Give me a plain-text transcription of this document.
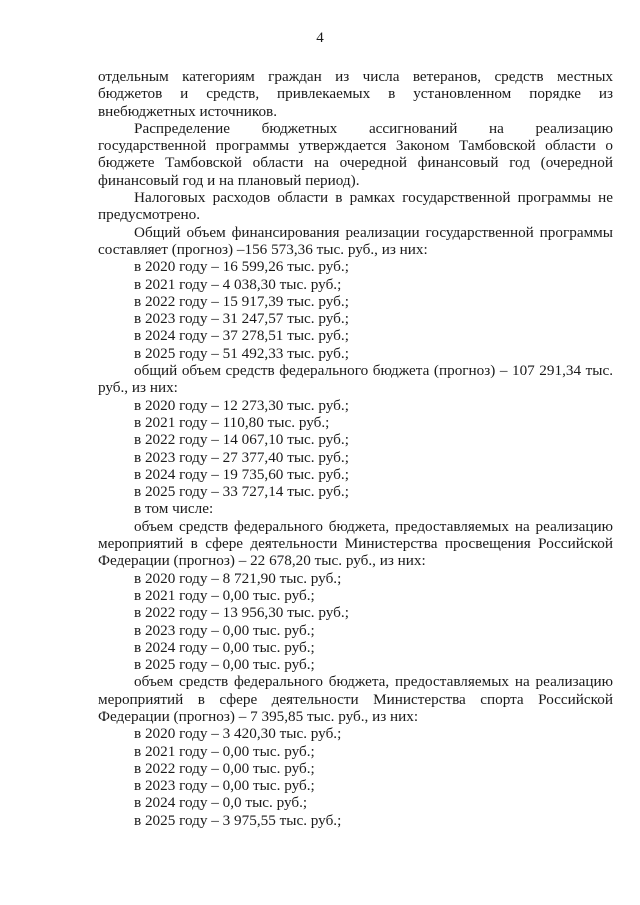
4

отдельным категориям граждан из числа ветеранов, средств местных бюджетов и средств, привлекаемых в установленном порядке из внебюджетных источников.

Распределение бюджетных ассигнований на реализацию государственной программы утверждается Законом Тамбовской области о бюджете Тамбовской области на очередной финансовый год (очередной финансовый год и на плановый период).

Налоговых расходов области в рамках государственной программы не предусмотрено.

Общий объем финансирования реализации государственной программы составляет (прогноз) –156 573,36 тыс. руб., из них:

в 2020 году – 16 599,26 тыс. руб.;

в 2021 году – 4 038,30 тыс. руб.;

в 2022 году – 15 917,39 тыс. руб.;

в 2023 году – 31 247,57 тыс. руб.;

в 2024 году – 37 278,51 тыс. руб.;

в 2025 году – 51 492,33 тыс. руб.;

общий объем средств федерального бюджета (прогноз) – 107 291,34 тыс. руб., из них:

в 2020 году – 12 273,30 тыс. руб.;

в 2021 году – 110,80 тыс. руб.;

в 2022 году – 14 067,10 тыс. руб.;

в 2023 году – 27 377,40 тыс. руб.;

в 2024 году – 19 735,60 тыс. руб.;

в 2025 году – 33 727,14 тыс. руб.;

в том числе:

объем средств федерального бюджета, предоставляемых на реализацию мероприятий в сфере деятельности Министерства просвещения Российской Федерации (прогноз) – 22 678,20 тыс. руб., из них:

в 2020 году – 8 721,90 тыс. руб.;

в 2021 году – 0,00 тыс. руб.;

в 2022 году – 13 956,30 тыс. руб.;

в 2023 году – 0,00 тыс. руб.;

в 2024 году – 0,00 тыс. руб.;

в 2025 году – 0,00 тыс. руб.;

объем средств федерального бюджета, предоставляемых на реализацию мероприятий в сфере деятельности Министерства спорта Российской Федерации (прогноз) – 7 395,85 тыс. руб., из них:

в 2020 году – 3 420,30 тыс. руб.;

в 2021 году – 0,00 тыс. руб.;

в 2022 году – 0,00 тыс. руб.;

в 2023 году – 0,00 тыс. руб.;

в 2024 году – 0,0 тыс. руб.;

в 2025 году – 3 975,55 тыс. руб.;
